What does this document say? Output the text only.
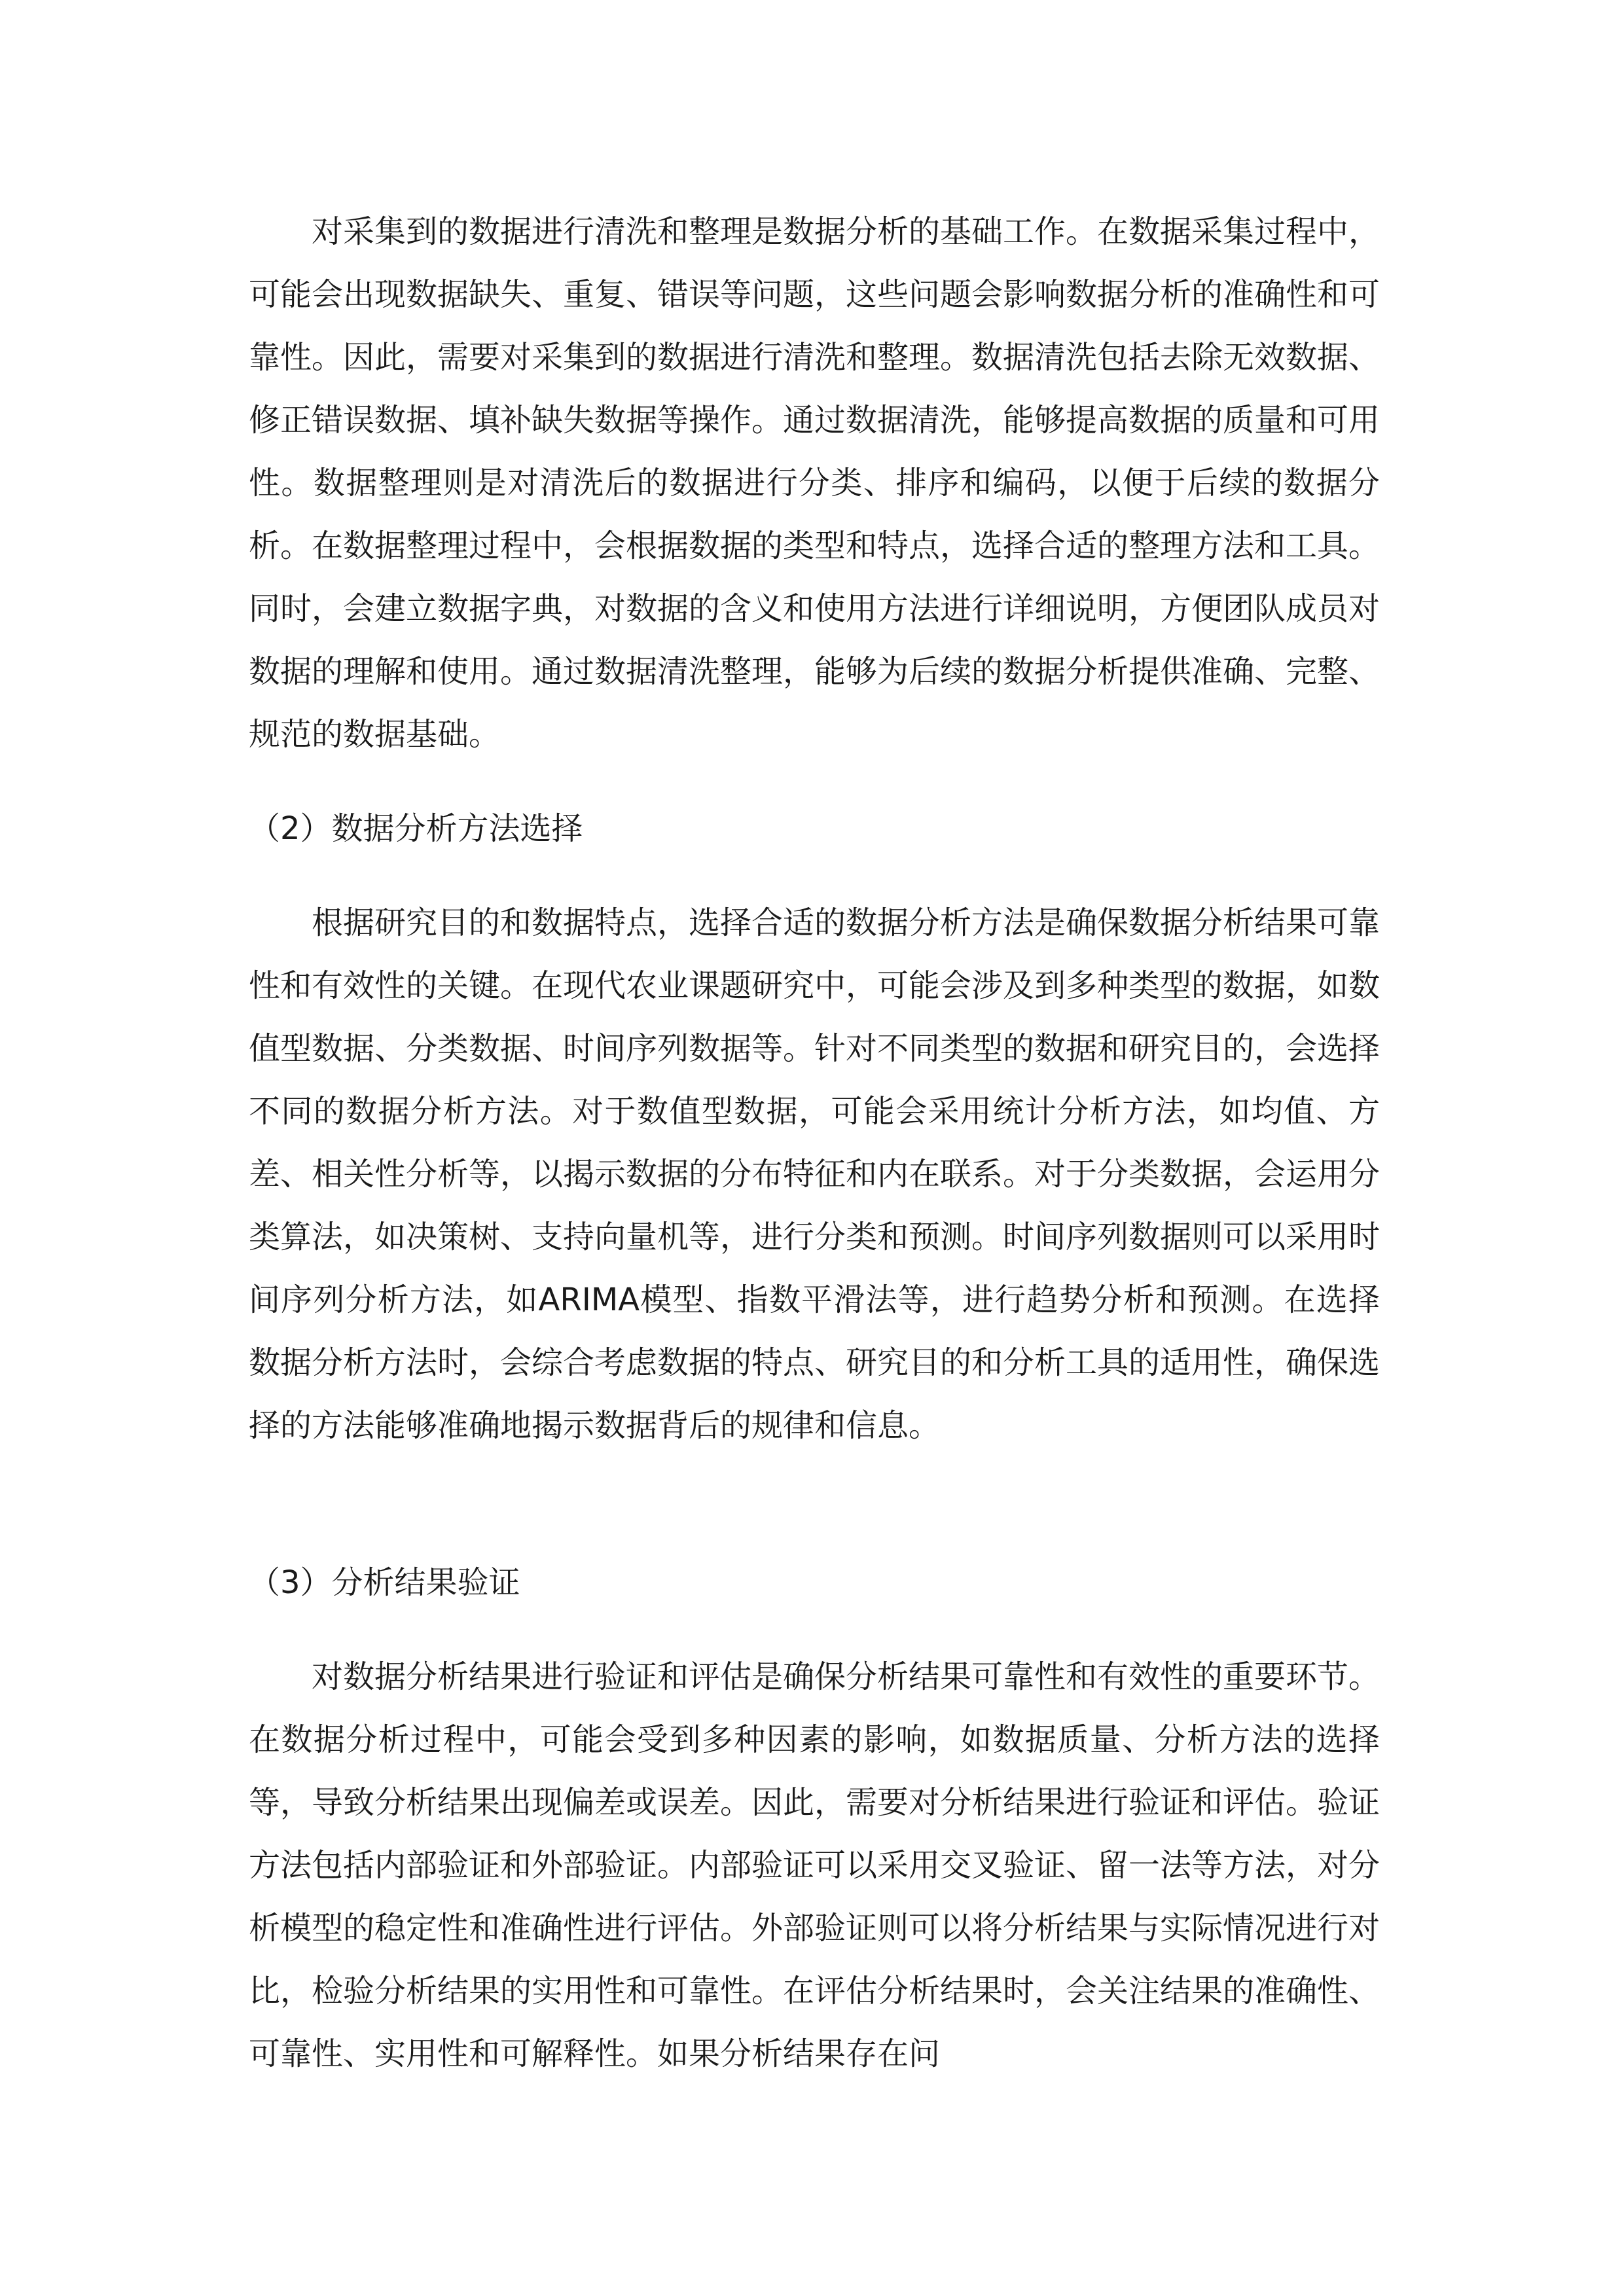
对采集到的数据进行清洗和整理是数据分析的基础工作。在数据采集过程中，可能会出现数据缺失、重复、错误等问题，这些问题会影响数据分析的准确性和可靠性。因此，需要对采集到的数据进行清洗和整理。数据清洗包括去除无效数据、修正错误数据、填补缺失数据等操作。通过数据清洗，能够提高数据的质量和可用性。数据整理则是对清洗后的数据进行分类、排序和编码，以便于后续的数据分析。在数据整理过程中，会根据数据的类型和特点，选择合适的整理方法和工具。同时，会建立数据字典，对数据的含义和使用方法进行详细说明，方便团队成员对数据的理解和使用。通过数据清洗整理，能够为后续的数据分析提供准确、完整、规范的数据基础。

（2）数据分析方法选择

根据研究目的和数据特点，选择合适的数据分析方法是确保数据分析结果可靠性和有效性的关键。在现代农业课题研究中，可能会涉及到多种类型的数据，如数值型数据、分类数据、时间序列数据等。针对不同类型的数据和研究目的，会选择不同的数据分析方法。对于数值型数据，可能会采用统计分析方法，如均值、方差、相关性分析等，以揭示数据的分布特征和内在联系。对于分类数据，会运用分类算法，如决策树、支持向量机等，进行分类和预测。时间序列数据则可以采用时间序列分析方法，如ARIMA模型、指数平滑法等，进行趋势分析和预测。在选择数据分析方法时，会综合考虑数据的特点、研究目的和分析工具的适用性，确保选择的方法能够准确地揭示数据背后的规律和信息。

（3）分析结果验证

对数据分析结果进行验证和评估是确保分析结果可靠性和有效性的重要环节。在数据分析过程中，可能会受到多种因素的影响，如数据质量、分析方法的选择等，导致分析结果出现偏差或误差。因此，需要对分析结果进行验证和评估。验证方法包括内部验证和外部验证。内部验证可以采用交叉验证、留一法等方法，对分析模型的稳定性和准确性进行评估。外部验证则可以将分析结果与实际情况进行对比，检验分析结果的实用性和可靠性。在评估分析结果时，会关注结果的准确性、可靠性、实用性和可解释性。如果分析结果存在问
